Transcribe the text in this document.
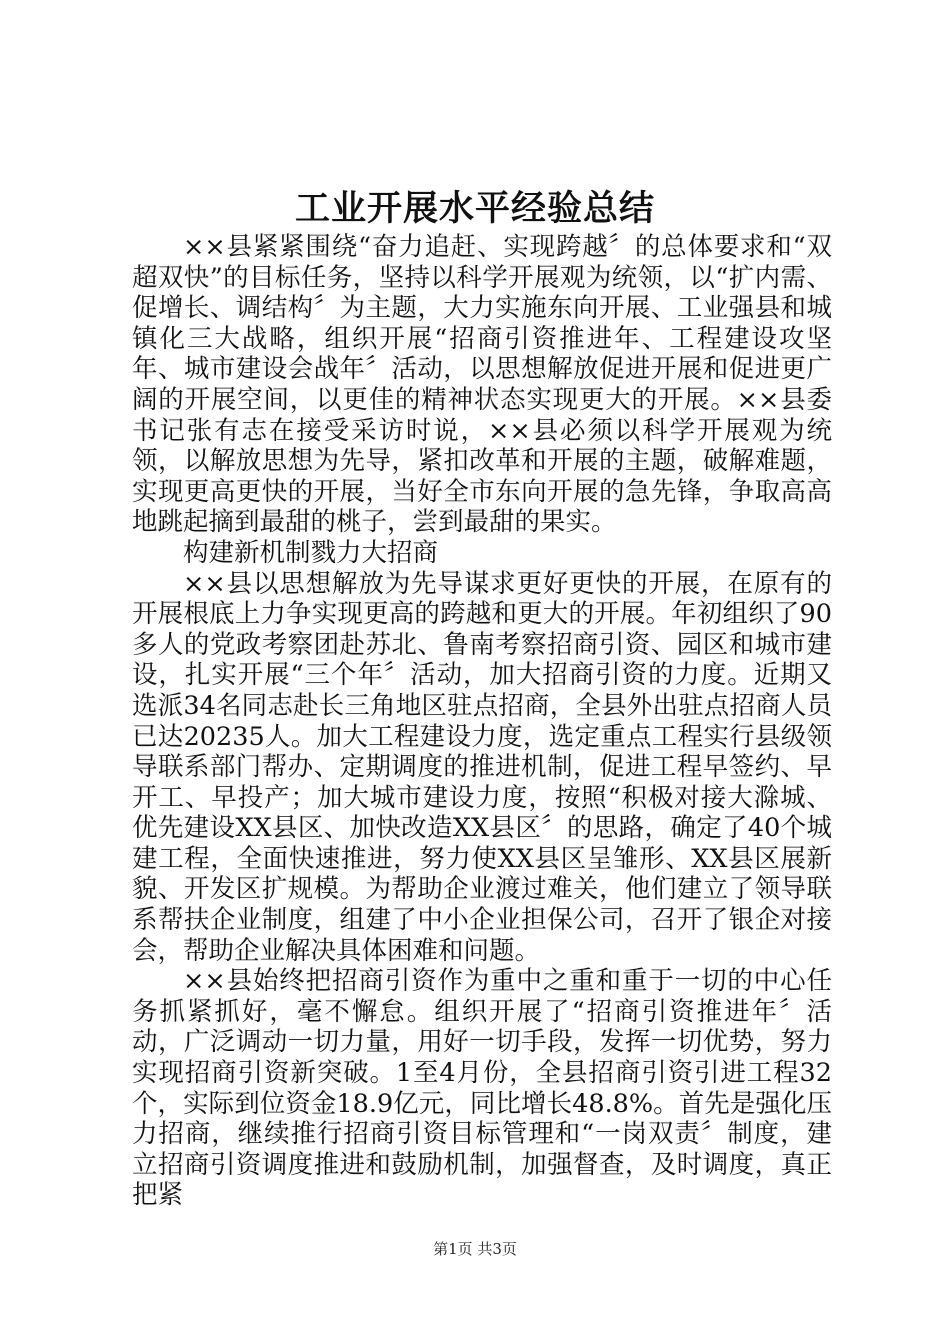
工业开展水平经验总结

××县紧紧围绕“奋力追赶、实现跨越〞的总体要求和“双超双快”的目标任务，坚持以科学开展观为统领，以“扩内需、促增长、调结构〞为主题，大力实施东向开展、工业强县和城镇化三大战略，组织开展“招商引资推进年、工程建设攻坚年、城市建设会战年〞活动，以思想解放促进开展和促进更广阔的开展空间，以更佳的精神状态实现更大的开展。××县委书记张有志在接受采访时说，××县必须以科学开展观为统领，以解放思想为先导，紧扣改革和开展的主题，破解难题，实现更高更快的开展，当好全市东向开展的急先锋，争取高高地跳起摘到最甜的桃子，尝到最甜的果实。

构建新机制戮力大招商

××县以思想解放为先导谋求更好更快的开展，在原有的开展根底上力争实现更高的跨越和更大的开展。年初组织了90多人的党政考察团赴苏北、鲁南考察招商引资、园区和城市建设，扎实开展“三个年〞活动，加大招商引资的力度。近期又选派34名同志赴长三角地区驻点招商，全县外出驻点招商人员已达20235人。加大工程建设力度，选定重点工程实行县级领导联系部门帮办、定期调度的推进机制，促进工程早签约、早开工、早投产；加大城市建设力度，按照“积极对接大滁城、优先建设XX县区、加快改造XX县区〞的思路，确定了40个城建工程，全面快速推进，努力使XX县区呈雏形、XX县区展新貌、开发区扩规模。为帮助企业渡过难关，他们建立了领导联系帮扶企业制度，组建了中小企业担保公司，召开了银企对接会，帮助企业解决具体困难和问题。

××县始终把招商引资作为重中之重和重于一切的中心任务抓紧抓好，毫不懈怠。组织开展了“招商引资推进年〞活动，广泛调动一切力量，用好一切手段，发挥一切优势，努力实现招商引资新突破。1至4月份，全县招商引资引进工程32个，实际到位资金18.9亿元，同比增长48.8%。首先是强化压力招商，继续推行招商引资目标管理和“一岗双责〞制度，建立招商引资调度推进和鼓励机制，加强督查，及时调度，真正把紧

第1页 共3页
